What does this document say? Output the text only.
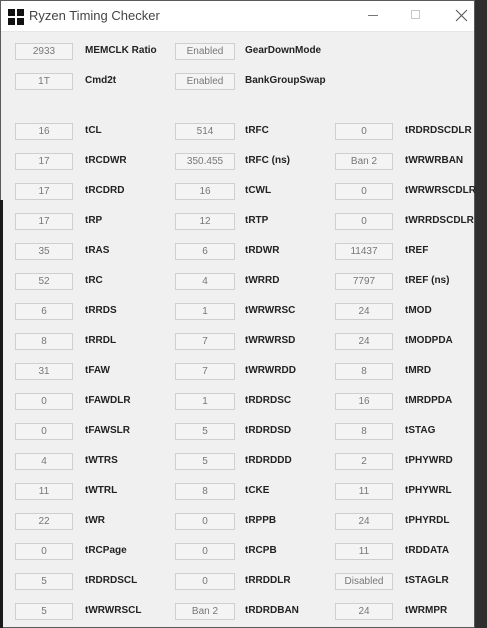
Ryzen Timing Checker
2933	MEMCLK Ratio	Enabled	GearDownMode
1T	Cmd2t	Enabled	BankGroupSwap
16	tCL	514	tRFC	0	tRDRDSCDLR
17	tRCDWR	350.455	tRFC (ns)	Ban 2	tWRWRBAN
17	tRCDRD	16	tCWL	0	tWRWRSCDLR
17	tRP	12	tRTP	0	tWRRDSCDLR
35	tRAS	6	tRDWR	11437	tREF
52	tRC	4	tWRRD	7797	tREF (ns)
6	tRRDS	1	tWRWRSC	24	tMOD
8	tRRDL	7	tWRWRSD	24	tMODPDA
31	tFAW	7	tWRWRDD	8	tMRD
0	tFAWDLR	1	tRDRDSC	16	tMRDPDA
0	tFAWSLR	5	tRDRDSD	8	tSTAG
4	tWTRS	5	tRDRDDD	2	tPHYWRD
11	tWTRL	8	tCKE	11	tPHYWRL
22	tWR	0	tRPPB	24	tPHYRDL
0	tRCPage	0	tRCPB	11	tRDDATA
5	tRDRDSCL	0	tRRDDLR	Disabled	tSTAGLR
5	tWRWRSCL	Ban 2	tRDRDBAN	24	tWRMPR
